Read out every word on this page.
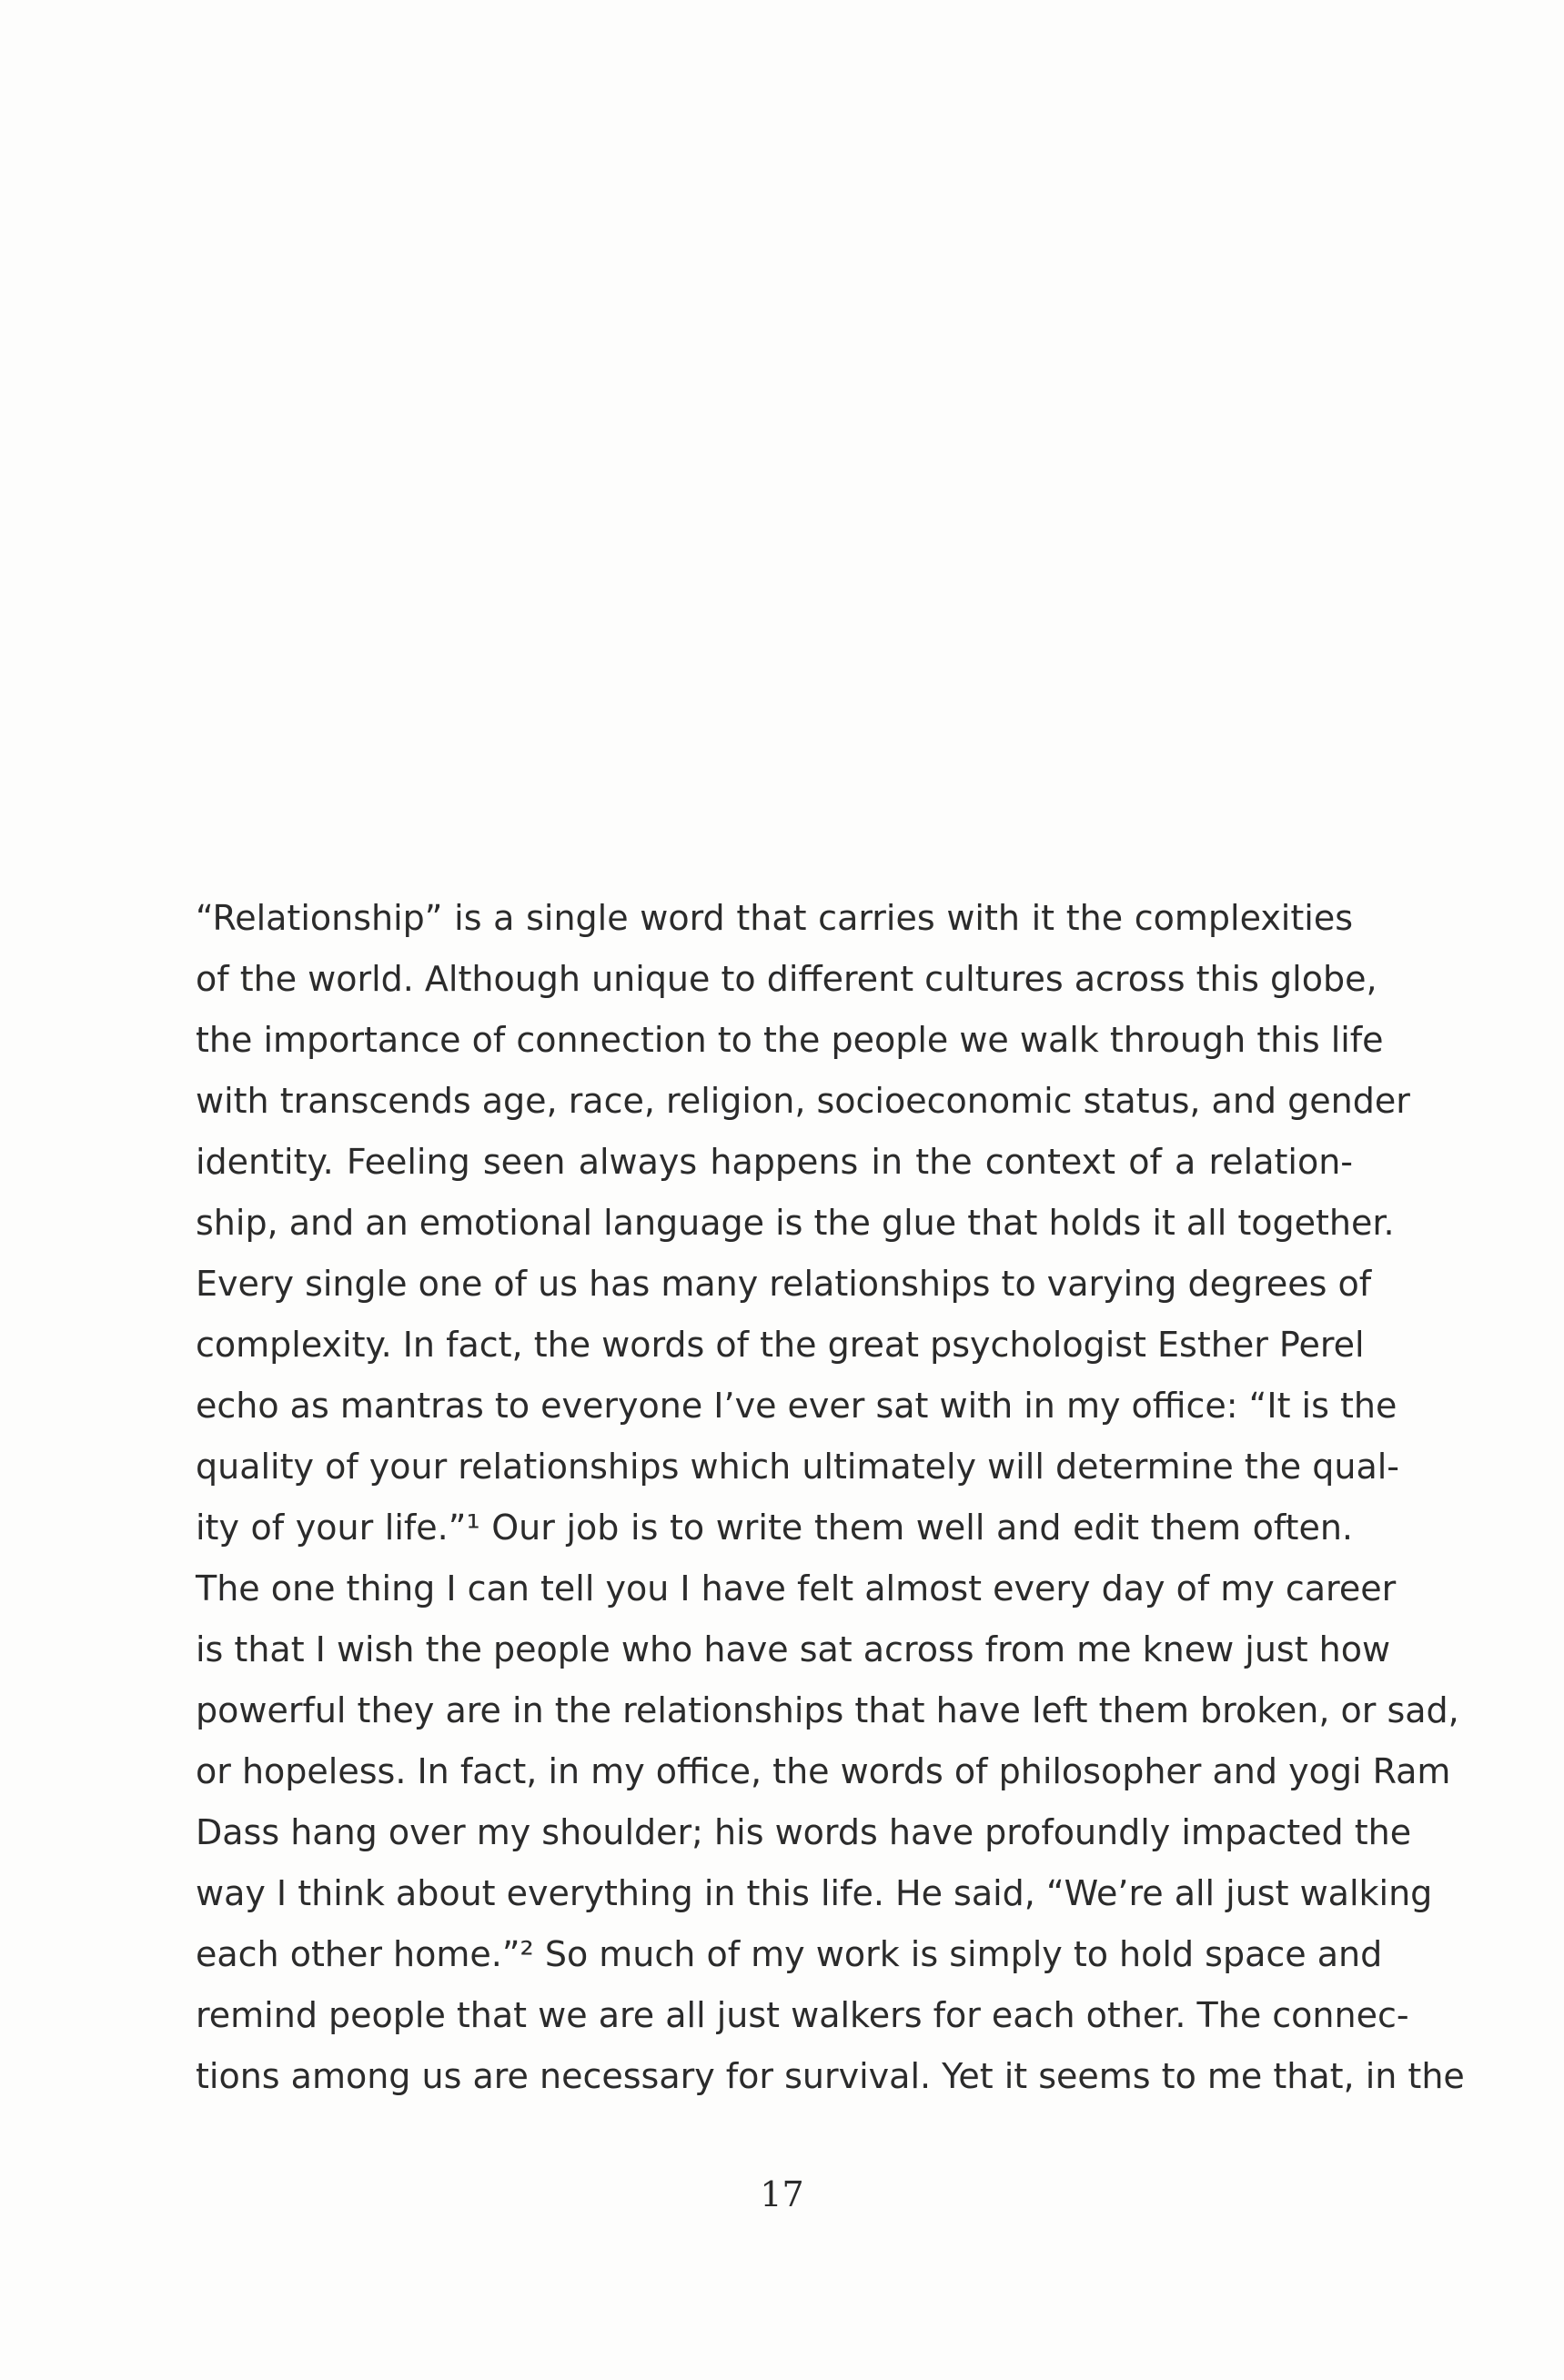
“Relationship” is a single word that carries with it the complexities
of the world. Although unique to different cultures across this globe,
the importance of connection to the people we walk through this life
with transcends age, race, religion, socioeconomic status, and gender
identity. Feeling seen always happens in the context of a relation-
ship, and an emotional language is the glue that holds it all together.
Every single one of us has many relationships to varying degrees of
complexity. In fact, the words of the great psychologist Esther Perel
echo as mantras to everyone I’ve ever sat with in my office: “It is the
quality of your relationships which ultimately will determine the qual-
ity of your life.”¹ Our job is to write them well and edit them often.
The one thing I can tell you I have felt almost every day of my career
is that I wish the people who have sat across from me knew just how
powerful they are in the relationships that have left them broken, or sad,
or hopeless. In fact, in my office, the words of philosopher and yogi Ram
Dass hang over my shoulder; his words have profoundly impacted the
way I think about everything in this life. He said, “We’re all just walking
each other home.”² So much of my work is simply to hold space and
remind people that we are all just walkers for each other. The connec-
tions among us are necessary for survival. Yet it seems to me that, in the
17
